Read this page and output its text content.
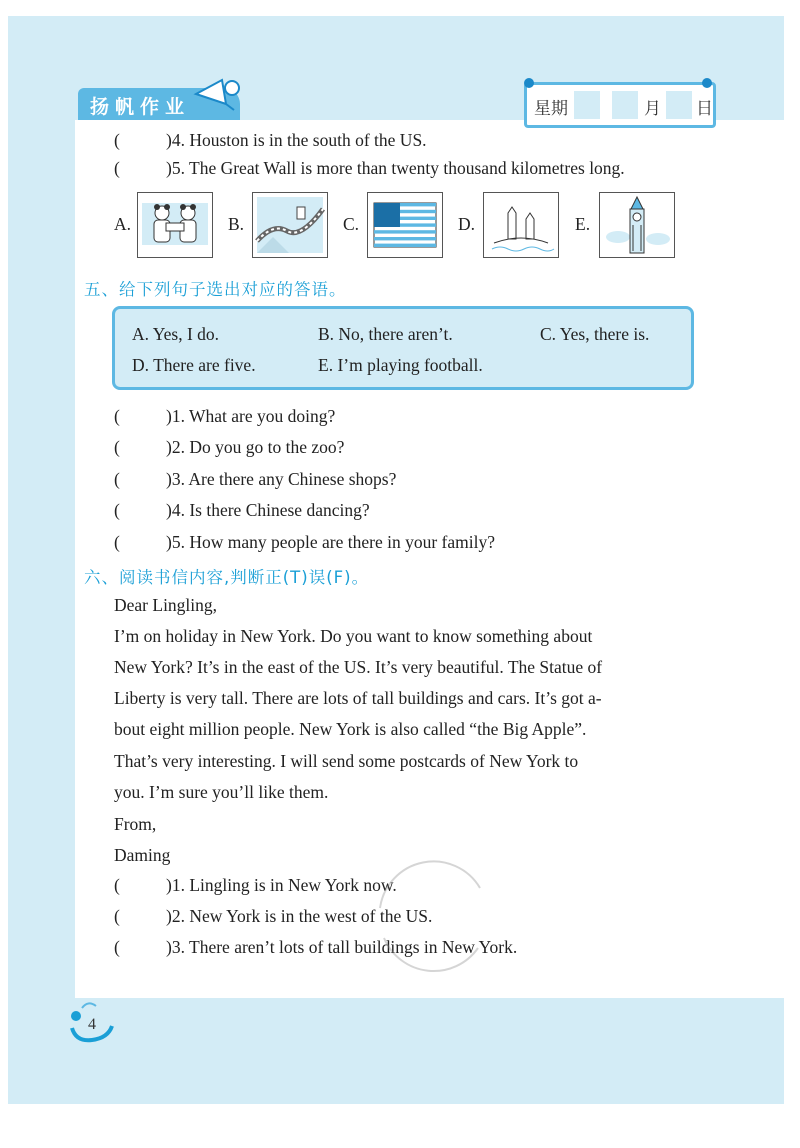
扬帆作业	星期	月 日
(	)4. Houston is in the south of the US.
(	)5. The Great Wall is more than twenty thousand kilometres long.
A.	B.	C.	D.	E.
五、给下列句子选出对应的答语。
A. Yes, I do.	B. No, there aren’t.	C. Yes, there is.
D. There are five.	E. I’m playing football.
(	)1. What are you doing?
(	)2. Do you go to the zoo?
(	)3. Are there any Chinese shops?
(	)4. Is there Chinese dancing?
(	)5. How many people are there in your family?
六、阅读书信内容,判断正(T)误(F)。
Dear Lingling,
I’m on holiday in New York. Do you want to know something about
New York? It’s in the east of the US. It’s very beautiful. The Statue of
Liberty is very tall. There are lots of tall buildings and cars. It’s got a-
bout eight million people. New York is also called “the Big Apple”.
That’s very interesting. I will send some postcards of New York to
you. I’m sure you’ll like them.
From,
Daming
(	)1. Lingling is in New York now.
(	)2. New York is in the west of the US.
(	)3. There aren’t lots of tall buildings in New York.
4
